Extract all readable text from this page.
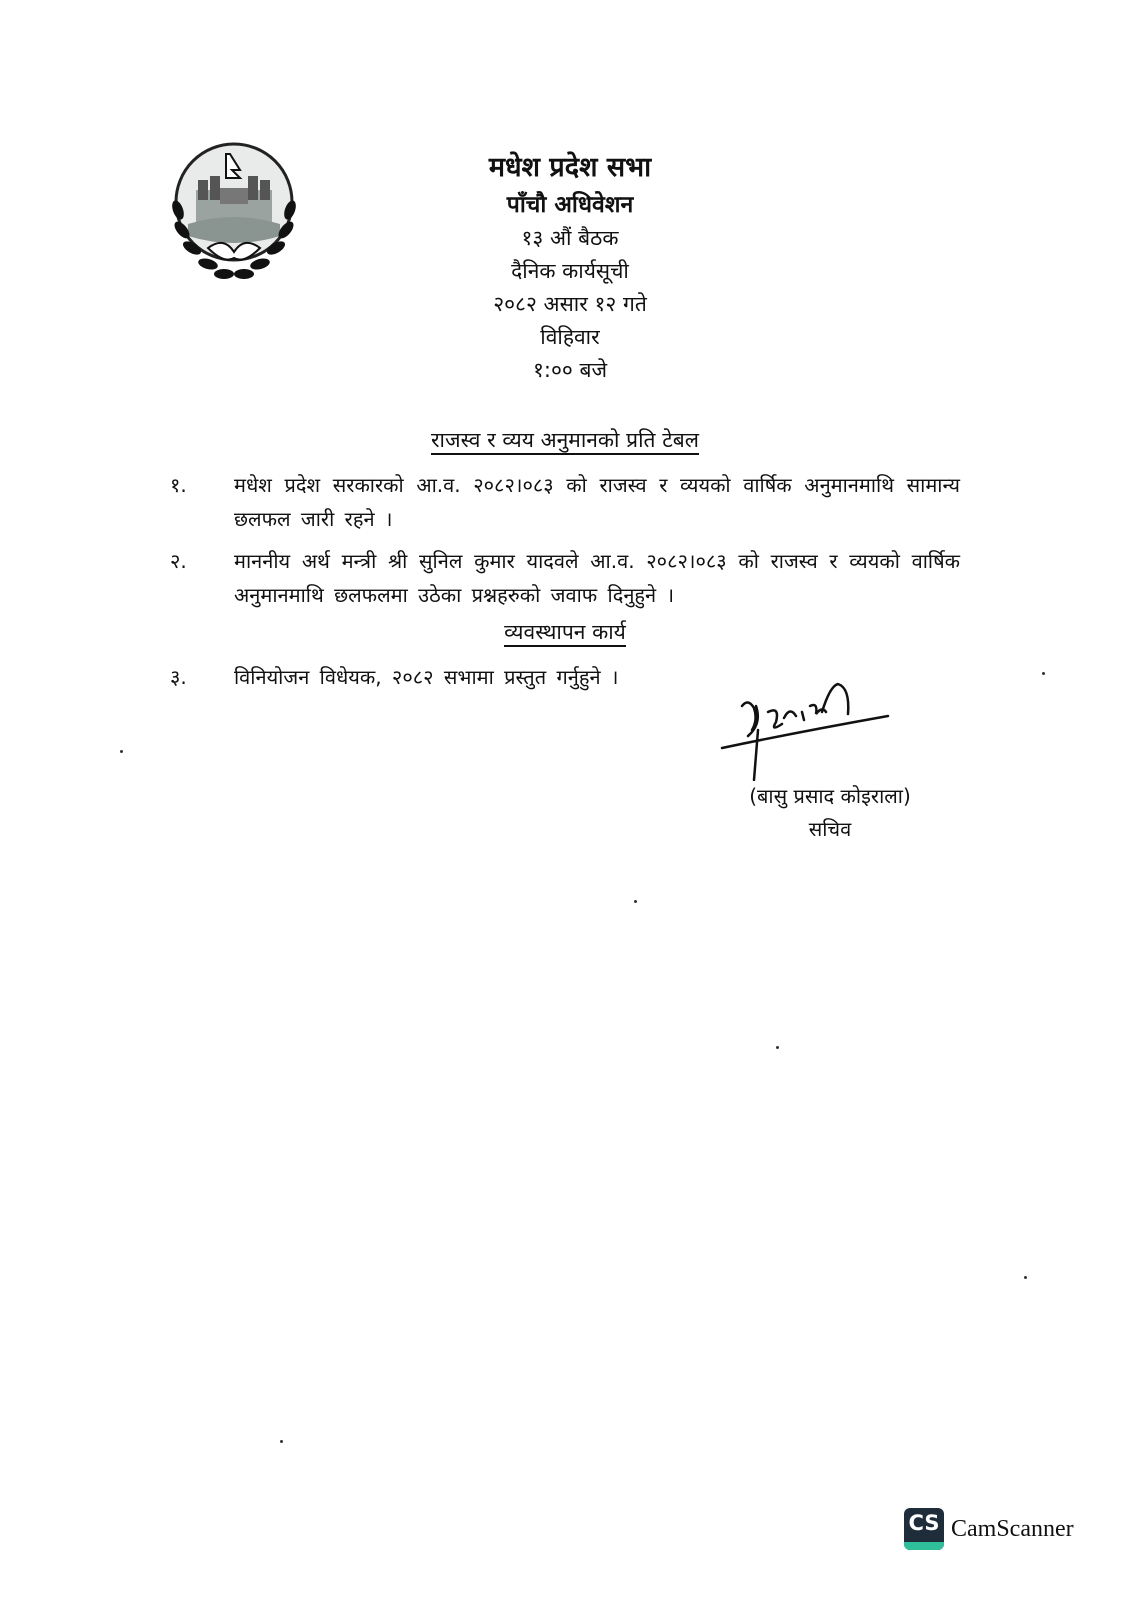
मधेश प्रदेश सभा
पाँचौ अधिवेशन
१३ औं बैठक
दैनिक कार्यसूची
२०८२ असार १२ गते
विहिवार
१:०० बजे
राजस्व र व्यय अनुमानको प्रति टेबल
१.	मधेश प्रदेश सरकारको आ.व. २०८२।०८३ को राजस्व र व्ययको वार्षिक अनुमानमाथि सामान्य छलफल जारी रहने ।
२.	माननीय अर्थ मन्त्री श्री सुनिल कुमार यादवले आ.व. २०८२।०८३ को राजस्व र व्ययको वार्षिक अनुमानमाथि छलफलमा उठेका प्रश्नहरुको जवाफ दिनुहुने ।
व्यवस्थापन कार्य
३.	विनियोजन विधेयक, २०८२ सभामा प्रस्तुत गर्नुहुने ।
(बासु प्रसाद कोइराला)
सचिव
CS CamScanner
